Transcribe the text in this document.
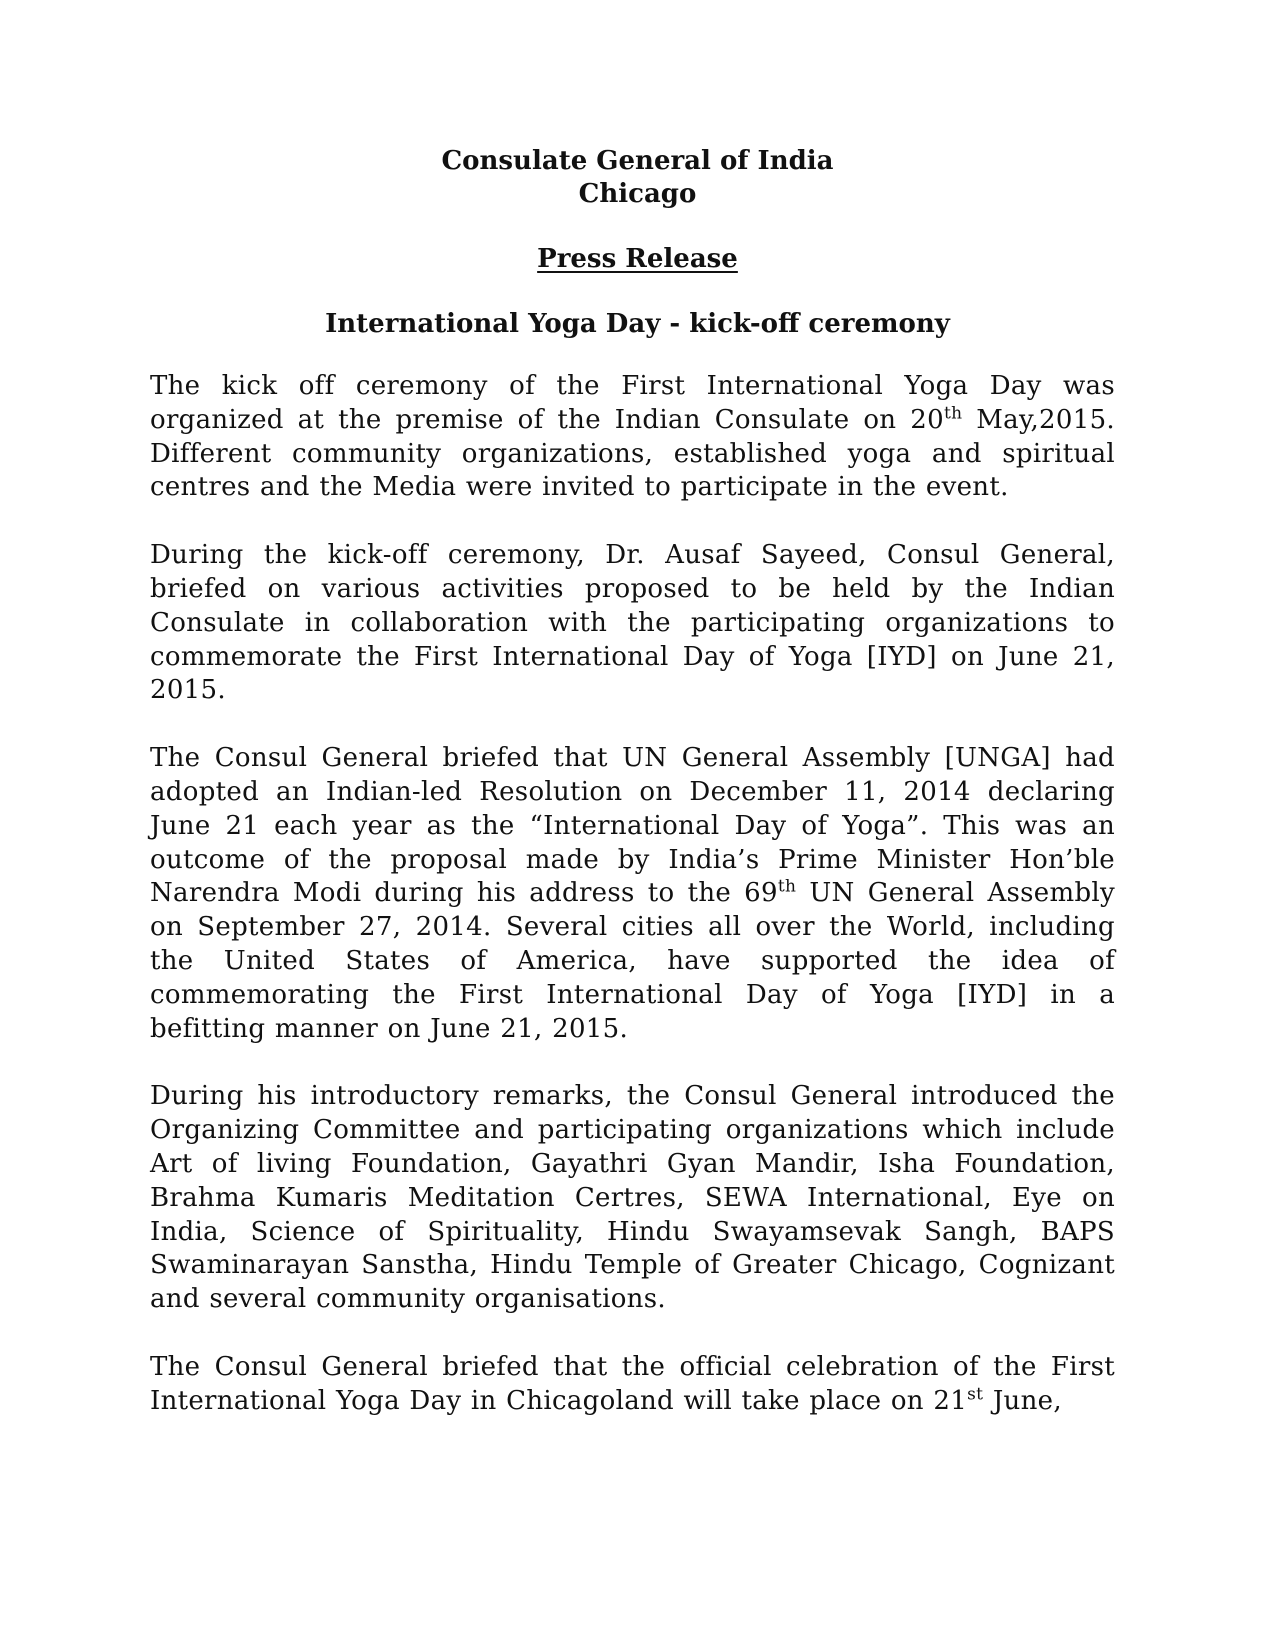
Consulate General of India
Chicago
Press Release
International Yoga Day - kick-off ceremony

The kick off ceremony of the First International Yoga Day was organized at the premise of the Indian Consulate on 20th May,2015. Different community organizations, established yoga and spiritual centres and the Media were invited to participate in the event.

During the kick-off ceremony, Dr. Ausaf Sayeed, Consul General, briefed on various activities proposed to be held by the Indian Consulate in collaboration with the participating organizations to commemorate the First International Day of Yoga [IYD] on June 21, 2015.

The Consul General briefed that UN General Assembly [UNGA] had adopted an Indian-led Resolution on December 11, 2014 declaring June 21 each year as the “International Day of Yoga”. This was an outcome of the proposal made by India’s Prime Minister Hon’ble Narendra Modi during his address to the 69th UN General Assembly on September 27, 2014. Several cities all over the World, including the United States of America, have supported the idea of commemorating the First International Day of Yoga [IYD] in a befitting manner on June 21, 2015.

During his introductory remarks, the Consul General introduced the Organizing Committee and participating organizations which include Art of living Foundation, Gayathri Gyan Mandir, Isha Foundation, Brahma Kumaris Meditation Certres, SEWA International, Eye on India, Science of Spirituality, Hindu Swayamsevak Sangh, BAPS Swaminarayan Sanstha, Hindu Temple of Greater Chicago, Cognizant and several community organisations.

The Consul General briefed that the official celebration of the First International Yoga Day in Chicagoland will take place on 21st June,
